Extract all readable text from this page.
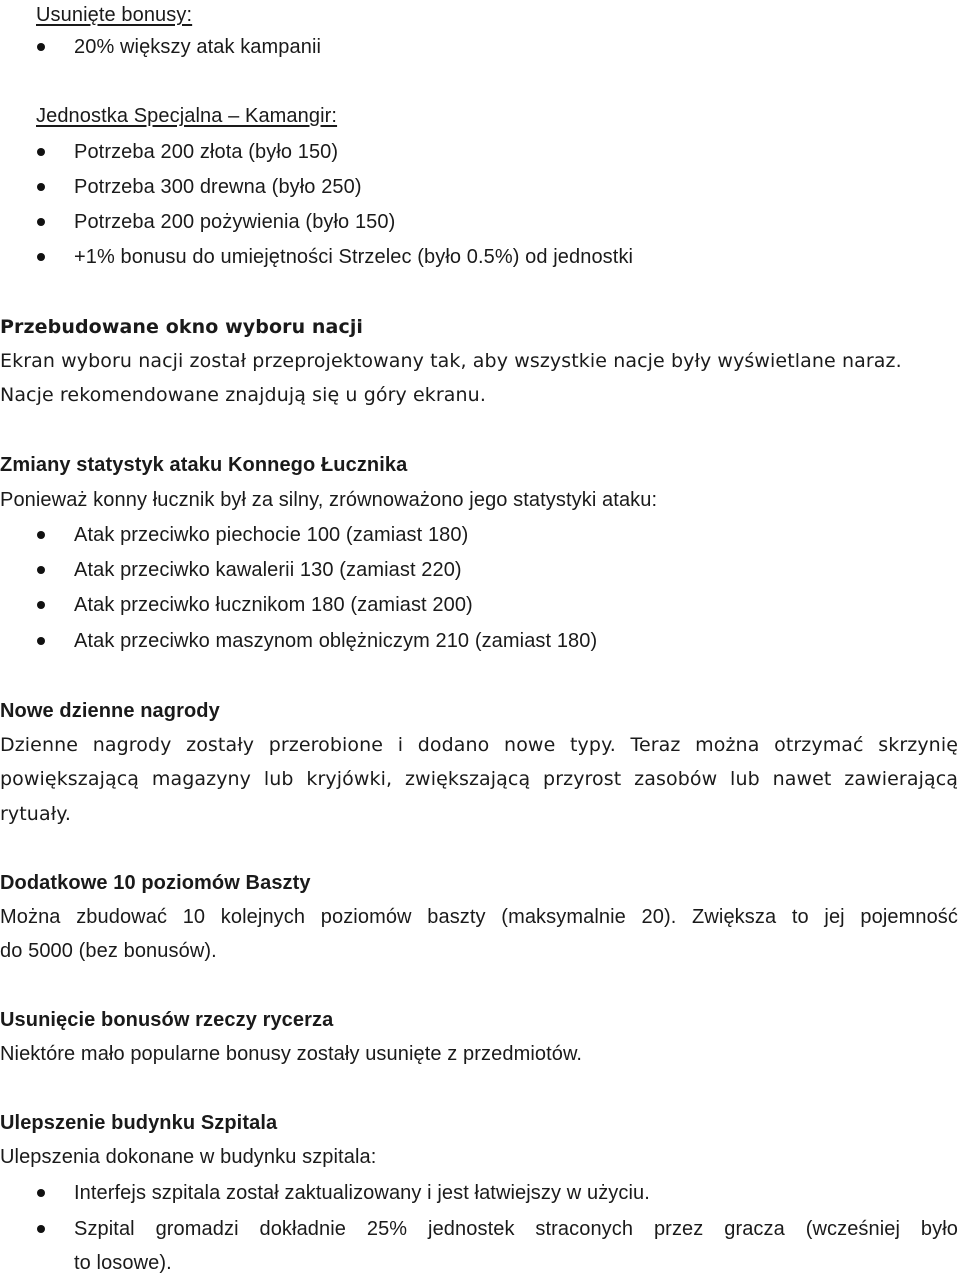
Usunięte bonusy:
20% większy atak kampanii
Jednostka Specjalna – Kamangir:
Potrzeba 200 złota (było 150)
Potrzeba 300 drewna (było 250)
Potrzeba 200 pożywienia (było 150)
+1% bonusu do umiejętności Strzelec (było 0.5%) od jednostki
Przebudowane okno wyboru nacji
Ekran wyboru nacji został przeprojektowany tak, aby wszystkie nacje były wyświetlane naraz.
Nacje rekomendowane znajdują się u góry ekranu.
Zmiany statystyk ataku Konnego Łucznika
Ponieważ konny łucznik był za silny, zrównoważono jego statystyki ataku:
Atak przeciwko piechocie 100 (zamiast 180)
Atak przeciwko kawalerii 130 (zamiast 220)
Atak przeciwko łucznikom 180 (zamiast 200)
Atak przeciwko maszynom oblężniczym 210 (zamiast 180)
Nowe dzienne nagrody
Dzienne nagrody zostały przerobione i dodano nowe typy. Teraz można otrzymać skrzynię
powiększającą magazyny lub kryjówki, zwiększającą przyrost zasobów lub nawet zawierającą
rytuały.
Dodatkowe 10 poziomów Baszty
Można zbudować 10 kolejnych poziomów baszty (maksymalnie 20). Zwiększa to jej pojemność
do 5000 (bez bonusów).
Usunięcie bonusów rzeczy rycerza
Niektóre mało popularne bonusy zostały usunięte z przedmiotów.
Ulepszenie budynku Szpitala
Ulepszenia dokonane w budynku szpitala:
Interfejs szpitala został zaktualizowany i jest łatwiejszy w użyciu.
Szpital gromadzi dokładnie 25% jednostek straconych przez gracza (wcześniej było
to losowe).
